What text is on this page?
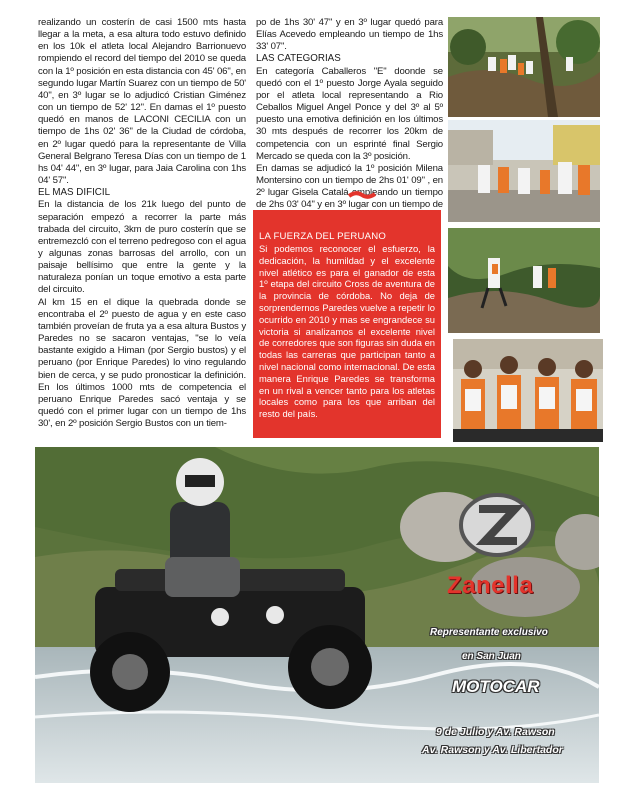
realizando un costerín de casi 1500 mts hasta llegar a la meta, a esa altura todo estuvo definido en los 10k el atleta local Alejandro Barrionuevo rompiendo el record del tiempo del 2010 se queda con la 1º posición en esta distancia con 45' 06", en segundo lugar Martín Suarez con un tiempo de 50' 40", en 3º lugar se lo adjudicó Cristian Giménez con un tiempo de 52' 12". En damas el 1º puesto quedó en manos de LACONI CECILIA con un tiempo de 1hs 02' 36" de la Ciudad de córdoba, en 2º lugar quedó para la representante de Villa General Belgrano Teresa Días con un tiempo de 1 hs 04' 44", en 3º lugar, para Jaia Carolina con 1hs 04' 57".

EL MAS DIFICIL

En la distancia de los 21k luego del punto de separación empezó a recorrer la parte más trabada del circuito, 3km de puro costerín que se entremezcló con el terreno pedregoso con el agua y algunas zonas barrosas del arrollo, con un paisaje bellísimo que entre la gente y la naturaleza ponían un toque emotivo a esta parte del circuito.

Al km 15 en el dique la quebrada donde se encontraba el 2º puesto de agua y en este caso también proveían de fruta ya a esa altura Bustos y Paredes no se sacaron ventajas, "se lo veía bastante exigido a Himan (por Sergio bustos) y el peruano (por Enrique Paredes) lo vino regulando bien de cerca, y se pudo pronosticar la definición. En los últimos 1000 mts de competencia el peruano Enrique Paredes sacó ventaja y se quedó con el primer lugar con un tiempo de 1hs 30', en 2º posición Sergio Bustos con un tiem-

po de 1hs 30' 47" y en 3º lugar quedó para Elías Acevedo empleando un tiempo de 1hs 33' 07".

LAS CATEGORIAS

En categoría Caballeros "E" doonde se quedó con el 1º puesto Jorge Ayala seguido por el atleta local representando a Rio Ceballos Miguel Angel Ponce y del 3º al 5º puesto una emotiva definición en los últimos 30 mts después de recorrer los 20km de competencia con un esprinté final Sergio Mercado se queda con la 3º posición.

En damas se adjudicó la 1º posición Milena Montersino con un tiempo de 2hs 01' 09" , en 2º lugar Gisela Catalá empleando un tiempo de 2hs 03' 04" y en 3º lugar con un tiempo de

LA FUERZA DEL PERUANO
Si podemos reconocer el esfuerzo, la dedicación, la humildad y el excelente nivel atlético es para el ganador de esta 1º etapa del circuito Cross de aventura de la provincia de córdoba. No deja de sorprendernos Paredes vuelve a repetir lo ocurrido en 2010 y mas se engrandece su victoria si analizamos el excelente nivel de corredores que son figuras sin duda en todas las carreras que participan tanto a nivel nacional como internacional. De esta manera Enrique Paredes se transforma en un rival a vencer tanto para los atletas locales como para los que arriban del resto del país.
Zanella
Representante exclusivo
en San Juan
MOTOCAR
9 de Julio y Av. Rawson
Av. Rawson y Av. Libertador
